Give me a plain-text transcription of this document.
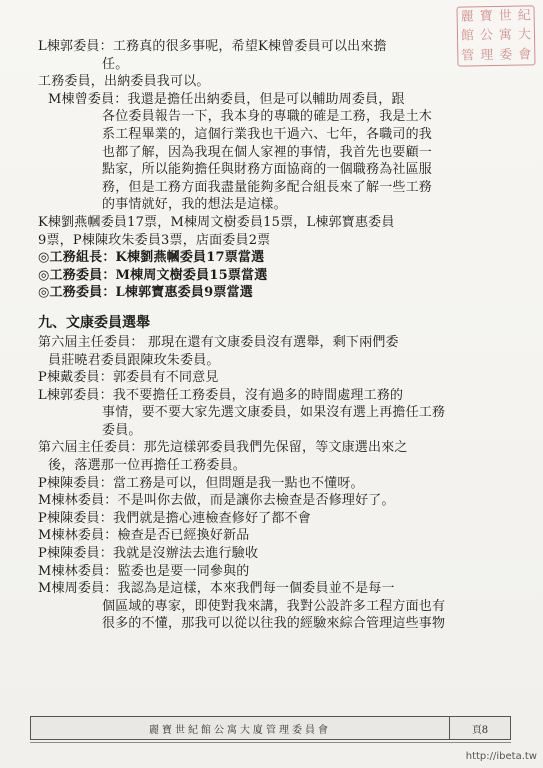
麗 寶 世 紀
館 公 寓 大
管 理 委 會
L棟郭委員：工務真的很多事呢，希望K棟曾委員可以出來擔
任。
工務委員，出納委員我可以。
M棟曾委員：我還是擔任出納委員，但是可以輔助周委員，跟
各位委員報告一下，我本身的專職的確是工務，我是土木
系工程畢業的，這個行業我也干過六、七年，各職司的我
也都了解，因為我現在個人家裡的事情，我首先也要顧一
點家，所以能夠擔任與財務方面協商的一個職務為社區服
務，但是工務方面我盡量能夠多配合組長來了解一些工務
的事情就好，我的想法是這樣。
K棟劉燕幗委員17票，M棟周文樹委員15票，L棟郭寶惠委員
9票，P棟陳玫朱委員3票，店面委員2票
◎工務組長：K棟劉燕幗委員17票當選
◎工務委員：M棟周文樹委員15票當選
◎工務委員：L棟郭寶惠委員9票當選
九、文康委員選舉
第六屆主任委員： 那現在還有文康委員沒有選舉，剩下兩們委
員莊曉君委員跟陳玫朱委員。
P棟戴委員：郭委員有不同意見
L棟郭委員：我不要擔任工務委員，沒有過多的時間處理工務的
事情，要不要大家先選文康委員，如果沒有選上再擔任工務
委員。
第六屆主任委員：那先這樣郭委員我們先保留，等文康選出來之
後，落選那一位再擔任工務委員。
P棟陳委員：當工務是可以，但問題是我一點也不懂呀。
M棟林委員：不是叫你去做，而是讓你去檢查是否修理好了。
P棟陳委員：我們就是擔心連檢查修好了都不會
M棟林委員：檢查是否已經換好新品
P棟陳委員：我就是沒辦法去進行驗收
M棟林委員：監委也是要一同參與的
M棟周委員：我認為是這樣，本來我們每一個委員並不是每一
個區域的專家，即使對我來講，我對公設許多工程方面也有
很多的不懂，那我可以從以往我的經驗來綜合管理這些事物
麗寶世紀館公寓大廈管理委員會	頁8
http://ibeta.tw
